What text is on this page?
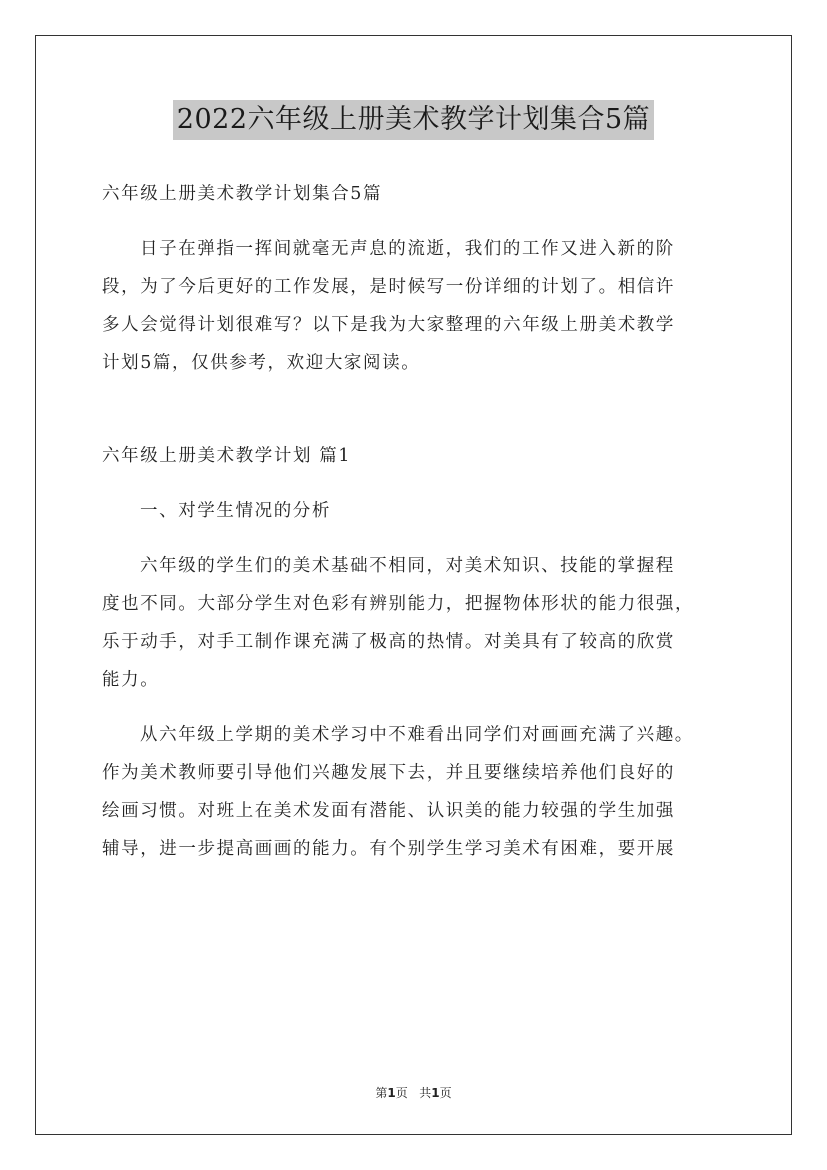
2022六年级上册美术教学计划集合5篇
六年级上册美术教学计划集合5篇
日子在弹指一挥间就毫无声息的流逝，我们的工作又进入新的阶
段，为了今后更好的工作发展，是时候写一份详细的计划了。相信许
多人会觉得计划很难写？以下是我为大家整理的六年级上册美术教学
计划5篇，仅供参考，欢迎大家阅读。
六年级上册美术教学计划 篇1
一、对学生情况的分析
六年级的学生们的美术基础不相同，对美术知识、技能的掌握程
度也不同。大部分学生对色彩有辨别能力，把握物体形状的能力很强，
乐于动手，对手工制作课充满了极高的热情。对美具有了较高的欣赏
能力。
从六年级上学期的美术学习中不难看出同学们对画画充满了兴趣。
作为美术教师要引导他们兴趣发展下去，并且要继续培养他们良好的
绘画习惯。对班上在美术发面有潜能、认识美的能力较强的学生加强
辅导，进一步提高画画的能力。有个别学生学习美术有困难，要开展
第1页 共1页
